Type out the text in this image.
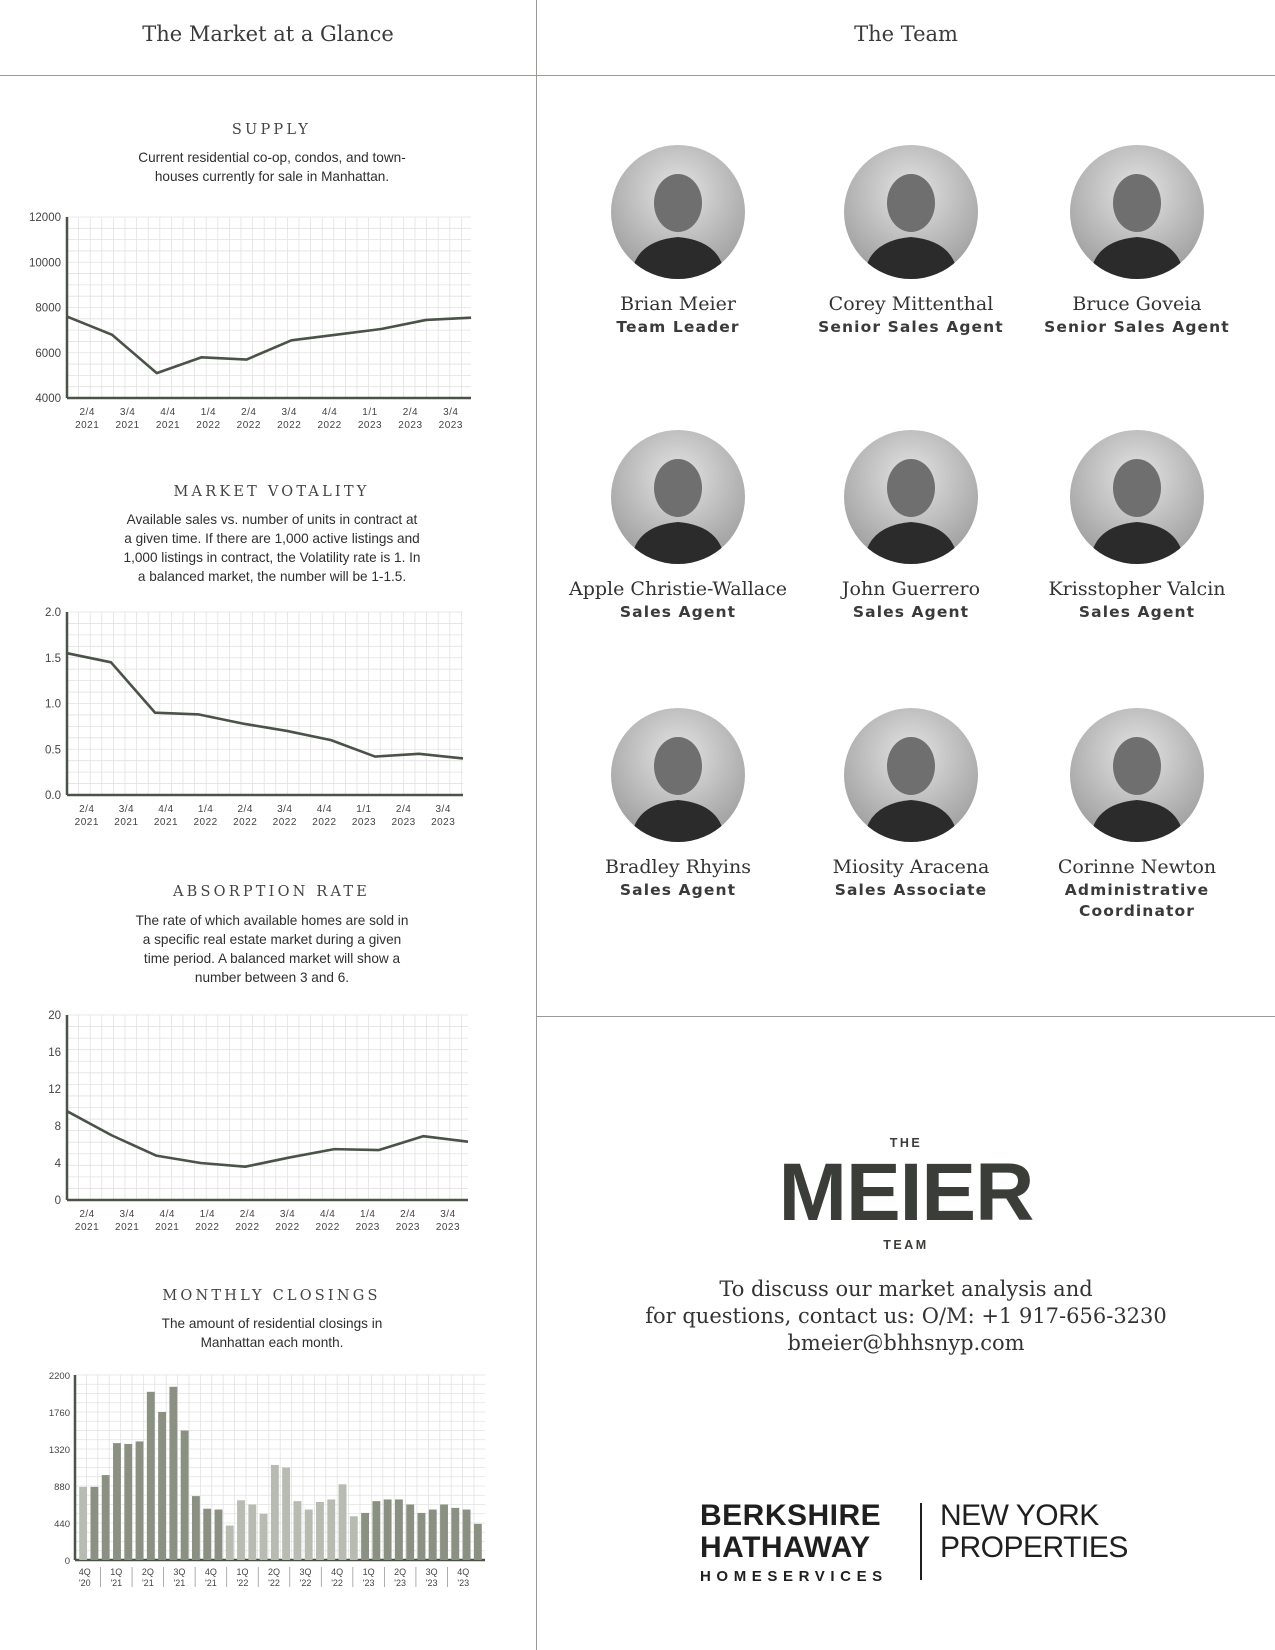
The Market at a Glance	The Team
SUPPLY
Current residential co-op, condos, and town-
houses currently for sale in Manhattan.
4000
6000
8000
10000
12000
2/4
2021
3/4
2021
4/4
2021
1/4
2022
2/4
2022
3/4
2022
4/4
2022
1/1
2023
2/4
2023
3/4
2023
MARKET VOTALITY
Available sales vs. number of units in contract at
a given time. If there are 1,000 active listings and
1,000 listings in contract, the Volatility rate is 1. In
a balanced market, the number will be 1-1.5.
0.0
0.5
1.0
1.5
2.0
2/4
2021
3/4
2021
4/4
2021
1/4
2022
2/4
2022
3/4
2022
4/4
2022
1/1
2023
2/4
2023
3/4
2023
ABSORPTION RATE
The rate of which available homes are sold in
a specific real estate market during a given
time period. A balanced market will show a
number between 3 and 6.
0
4
8
12
16
20
2/4
2021
3/4
2021
4/4
2021
1/4
2022
2/4
2022
3/4
2022
4/4
2022
1/4
2023
2/4
2023
3/4
2023
MONTHLY CLOSINGS
The amount of residential closings in
Manhattan each month.
0
440
880
1320
1760
2200
4Q
'20
1Q
'21
2Q
'21
3Q
'21
4Q
'21
1Q
'22
2Q
'22
3Q
'22
4Q
'22
1Q
'23
2Q
'23
3Q
'23
4Q
'23
Brian Meier
Team Leader
Corey Mittenthal
Senior Sales Agent
Bruce Goveia
Senior Sales Agent
Apple Christie-Wallace
Sales Agent
John Guerrero
Sales Agent
Krisstopher Valcin
Sales Agent
Bradley Rhyins
Sales Agent
Miosity Aracena
Sales Associate
Corinne Newton
Administrative
Coordinator
THE
MEIER
TEAM
To discuss our market analysis and
for questions, contact us: O/M: +1 917-656-3230
bmeier@bhhsnyp.com
BERKSHIRE
HATHAWAY
HOMESERVICES
NEW YORK
PROPERTIES
